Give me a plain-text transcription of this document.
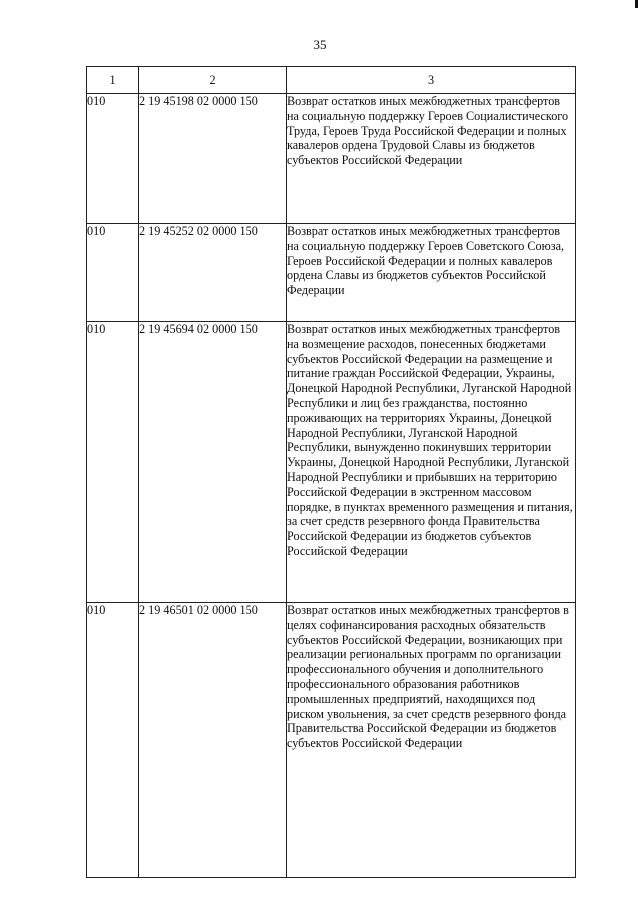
35
1	2	3
010	2 19 45198 02 0000 150	Возврат остатков иных межбюджетных трансфертов на социальную поддержку Героев Социалистического Труда, Героев Труда Российской Федерации и полных кавалеров ордена Трудовой Славы из бюджетов субъектов Российской Федерации
010	2 19 45252 02 0000 150	Возврат остатков иных межбюджетных трансфертов на социальную поддержку Героев Советского Союза, Героев Российской Федерации и полных кавалеров ордена Славы из бюджетов субъектов Российской Федерации
010	2 19 45694 02 0000 150	Возврат остатков иных межбюджетных трансфертов на возмещение расходов, понесенных бюджетами субъектов Российской Федерации на размещение и питание граждан Российской Федерации, Украины, Донецкой Народной Республики, Луганской Народной Республики и лиц без гражданства, постоянно проживающих на территориях Украины, Донецкой Народной Республики, Луганской Народной Республики, вынужденно покинувших территории Украины, Донецкой Народной Республики, Луганской Народной Республики и прибывших на территорию Российской Федерации в экстренном массовом порядке, в пунктах временного размещения и питания, за счет средств резервного фонда Правительства Российской Федерации из бюджетов субъектов Российской Федерации
010	2 19 46501 02 0000 150	Возврат остатков иных межбюджетных трансфертов в целях софинансирования расходных обязательств субъектов Российской Федерации, возникающих при реализации региональных программ по организации профессионального обучения и дополнительного профессионального образования работников промышленных предприятий, находящихся под риском увольнения, за счет средств резервного фонда Правительства Российской Федерации из бюджетов субъектов Российской Федерации
